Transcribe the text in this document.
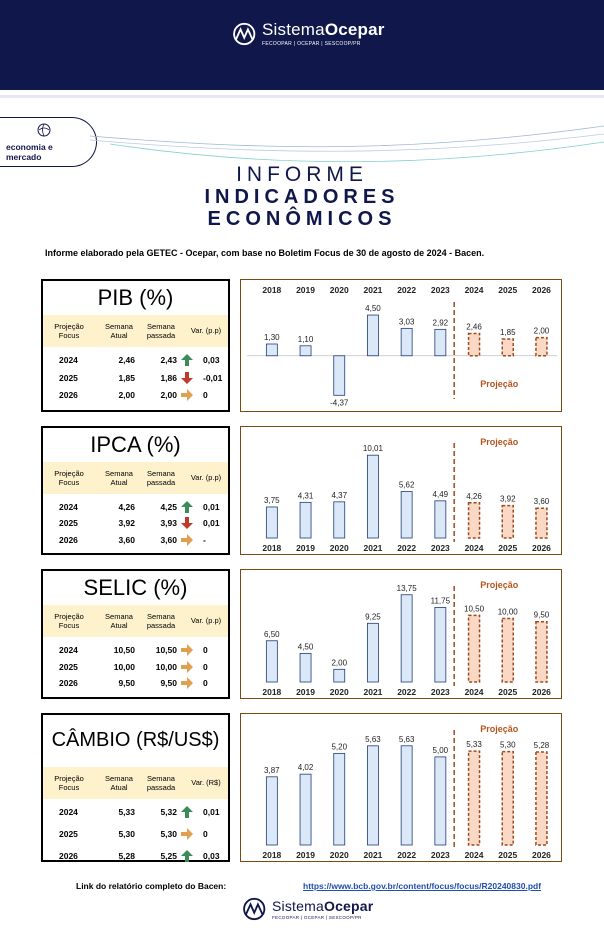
SistemaOcepar
FECOOPAR | OCEPAR | SESCOOP/PR
economia e
mercado
INFORME
INDICADORES
ECONÔMICOS
Informe elaborado pela GETEC - Ocepar, com base no Boletim Focus de 30 de agosto de 2024 - Bacen.
PIB (%)
Projeção
Focus
Semana
Atual
Semana
passada
Var. (p.p)
2024	2,46	2,43	0,03
2025	1,85	1,86	-0,01
2026	2,00	2,00	0
1,30
2018
1,10
2019
-4,37
2020
4,50
2021
3,03
2022
2,92
2023
2,46
2024
1,85
2025
2,00
2026
Projeção
IPCA (%)
Projeção
Focus
Semana
Atual
Semana
passada
Var. (p.p)
2024	4,26	4,25	0,01
2025	3,92	3,93	0,01
2026	3,60	3,60	-
3,75
2018
4,31
2019
4,37
2020
10,01
2021
5,62
2022
4,49
2023
4,26
2024
3,92
2025
3,60
2026
Projeção
SELIC (%)
Projeção
Focus
Semana
Atual
Semana
passada
Var. (p.p)
2024	10,50	10,50	0
2025	10,00	10,00	0
2026	9,50	9,50	0
6,50
2018
4,50
2019
2,00
2020
9,25
2021
13,75
2022
11,75
2023
10,50
2024
10,00
2025
9,50
2026
Projeção
CÂMBIO (R$/US$)
Projeção
Focus
Semana
Atual
Semana
passada
Var. (R$)
2024	5,33	5,32	0,01
2025	5,30	5,30	0
2026	5,28	5,25	0,03
3,87
2018
4,02
2019
5,20
2020
5,63
2021
5,63
2022
5,00
2023
5,33
2024
5,30
2025
5,28
2026
Projeção
Link do relatório completo do Bacen:	https://www.bcb.gov.br/content/focus/focus/R20240830.pdf
SistemaOcepar
FECOOPAR | OCEPAR | SESCOOP/PR
